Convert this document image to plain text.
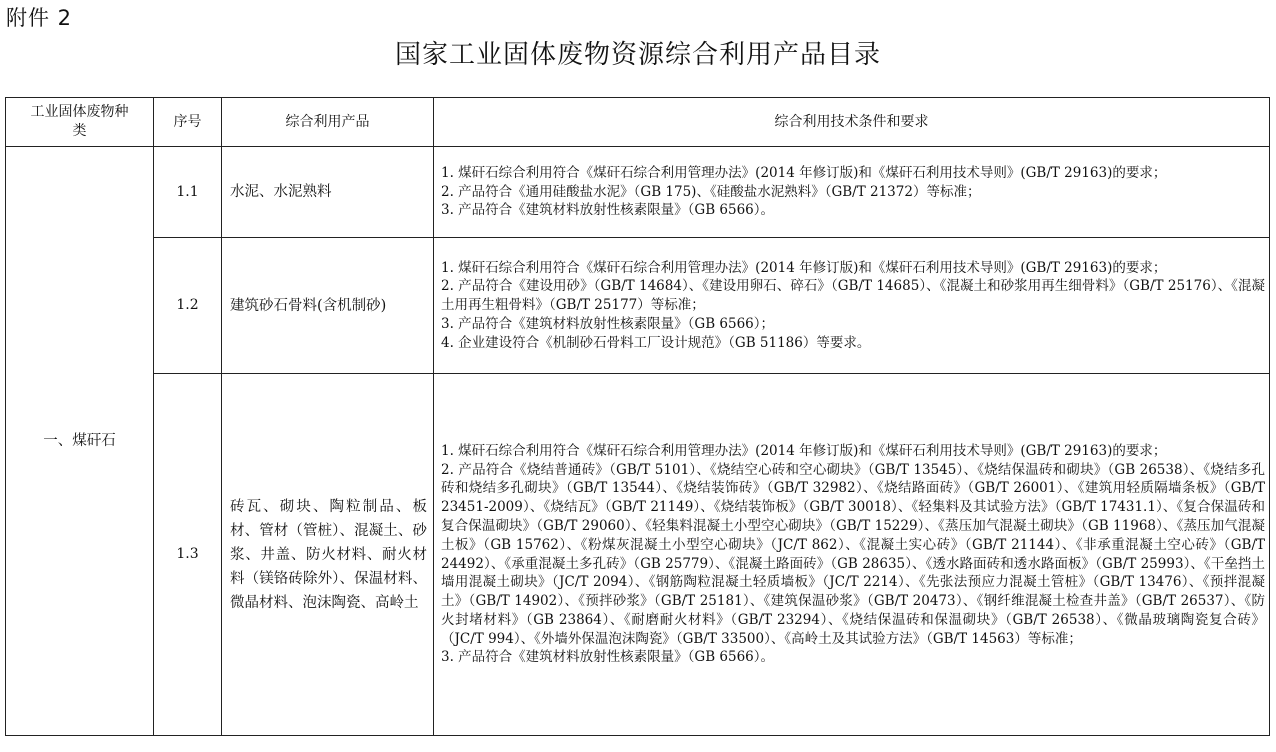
附件 2
国家工业固体废物资源综合利用产品目录
工业固体废物种类	序号	综合利用产品	综合利用技术条件和要求
一、煤矸石	1.1	水泥、水泥熟料	1. 煤矸石综合利用符合《煤矸石综合利用管理办法》(2014 年修订版)和《煤矸石利用技术导则》(GB/T 29163)的要求；
2. 产品符合《通用硅酸盐水泥》（GB 175)、《硅酸盐水泥熟料》（GB/T 21372）等标准；
3. 产品符合《建筑材料放射性核素限量》（GB 6566）。

	1.2	建筑砂石骨料(含机制砂)	1. 煤矸石综合利用符合《煤矸石综合利用管理办法》(2014 年修订版)和《煤矸石利用技术导则》(GB/T 29163)的要求；
2. 产品符合《建设用砂》（GB/T 14684）、《建设用卵石、碎石》（GB/T 14685）、《混凝土和砂浆用再生细骨料》（GB/T 25176）、《混凝土用再生粗骨料》（GB/T 25177）等标准；
3. 产品符合《建筑材料放射性核素限量》（GB 6566）；
4. 企业建设符合《机制砂石骨料工厂设计规范》（GB 51186）等要求。

	1.3	砖瓦、砌块、陶粒制品、板材、管材（管桩）、混凝土、砂浆、井盖、防火材料、耐火材料（镁铬砖除外）、保温材料、微晶材料、泡沫陶瓷、高岭土	1. 煤矸石综合利用符合《煤矸石综合利用管理办法》(2014 年修订版)和《煤矸石利用技术导则》(GB/T 29163)的要求；
2. 产品符合《烧结普通砖》（GB/T 5101）、《烧结空心砖和空心砌块》（GB/T 13545）、《烧结保温砖和砌块》（GB 26538）、《烧结多孔砖和烧结多孔砌块》（GB/T 13544）、《烧结装饰砖》（GB/T 32982）、《烧结路面砖》（GB/T 26001）、《建筑用轻质隔墙条板》（GB/T 23451-2009）、《烧结瓦》（GB/T 21149）、《烧结装饰板》（GB/T 30018）、《轻集料及其试验方法》（GB/T 17431.1）、《复合保温砖和复合保温砌块》（GB/T 29060）、《轻集料混凝土小型空心砌块》（GB/T 15229）、《蒸压加气混凝土砌块》（GB 11968）、《蒸压加气混凝土板》（GB 15762）、《粉煤灰混凝土小型空心砌块》（JC/T 862）、《混凝土实心砖》（GB/T 21144）、《非承重混凝土空心砖》（GB/T 24492）、《承重混凝土多孔砖》（GB 25779）、《混凝土路面砖》（GB 28635）、《透水路面砖和透水路面板》（GB/T 25993）、《干垒挡土墙用混凝土砌块》（JC/T 2094）、《钢筋陶粒混凝土轻质墙板》（JC/T 2214）、《先张法预应力混凝土管桩》（GB/T 13476）、《预拌混凝土》（GB/T 14902）、《预拌砂浆》（GB/T 25181）、《建筑保温砂浆》（GB/T 20473）、《钢纤维混凝土检查井盖》（GB/T 26537）、《防火封堵材料》（GB 23864）、《耐磨耐火材料》（GB/T 23294）、《烧结保温砖和保温砌块》（GB/T 26538）、《微晶玻璃陶瓷复合砖》（JC/T 994）、《外墙外保温泡沫陶瓷》（GB/T 33500）、《高岭土及其试验方法》（GB/T 14563）等标准；
3. 产品符合《建筑材料放射性核素限量》（GB 6566）。
